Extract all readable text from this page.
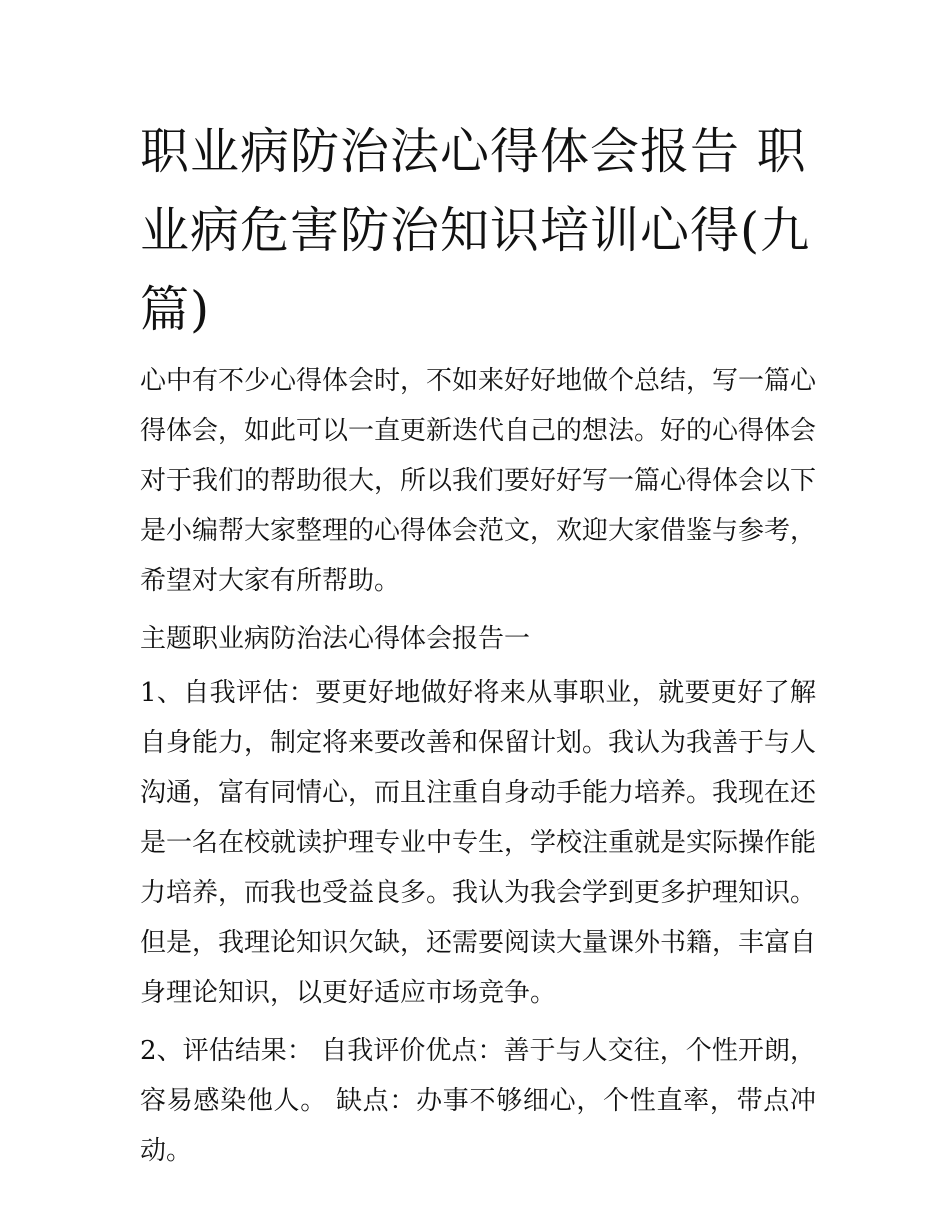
职业病防治法心得体会报告 职业病危害防治知识培训心得(九篇)

心中有不少心得体会时，不如来好好地做个总结，写一篇心得体会，如此可以一直更新迭代自己的想法。好的心得体会对于我们的帮助很大，所以我们要好好写一篇心得体会以下是小编帮大家整理的心得体会范文，欢迎大家借鉴与参考，希望对大家有所帮助。

主题职业病防治法心得体会报告一

1、自我评估：要更好地做好将来从事职业，就要更好了解自身能力，制定将来要改善和保留计划。我认为我善于与人沟通，富有同情心，而且注重自身动手能力培养。我现在还是一名在校就读护理专业中专生，学校注重就是实际操作能力培养，而我也受益良多。我认为我会学到更多护理知识。但是，我理论知识欠缺，还需要阅读大量课外书籍，丰富自身理论知识，以更好适应市场竞争。

2、评估结果： 自我评价优点：善于与人交往，个性开朗，容易感染他人。 缺点：办事不够细心，个性直率，带点冲动。
